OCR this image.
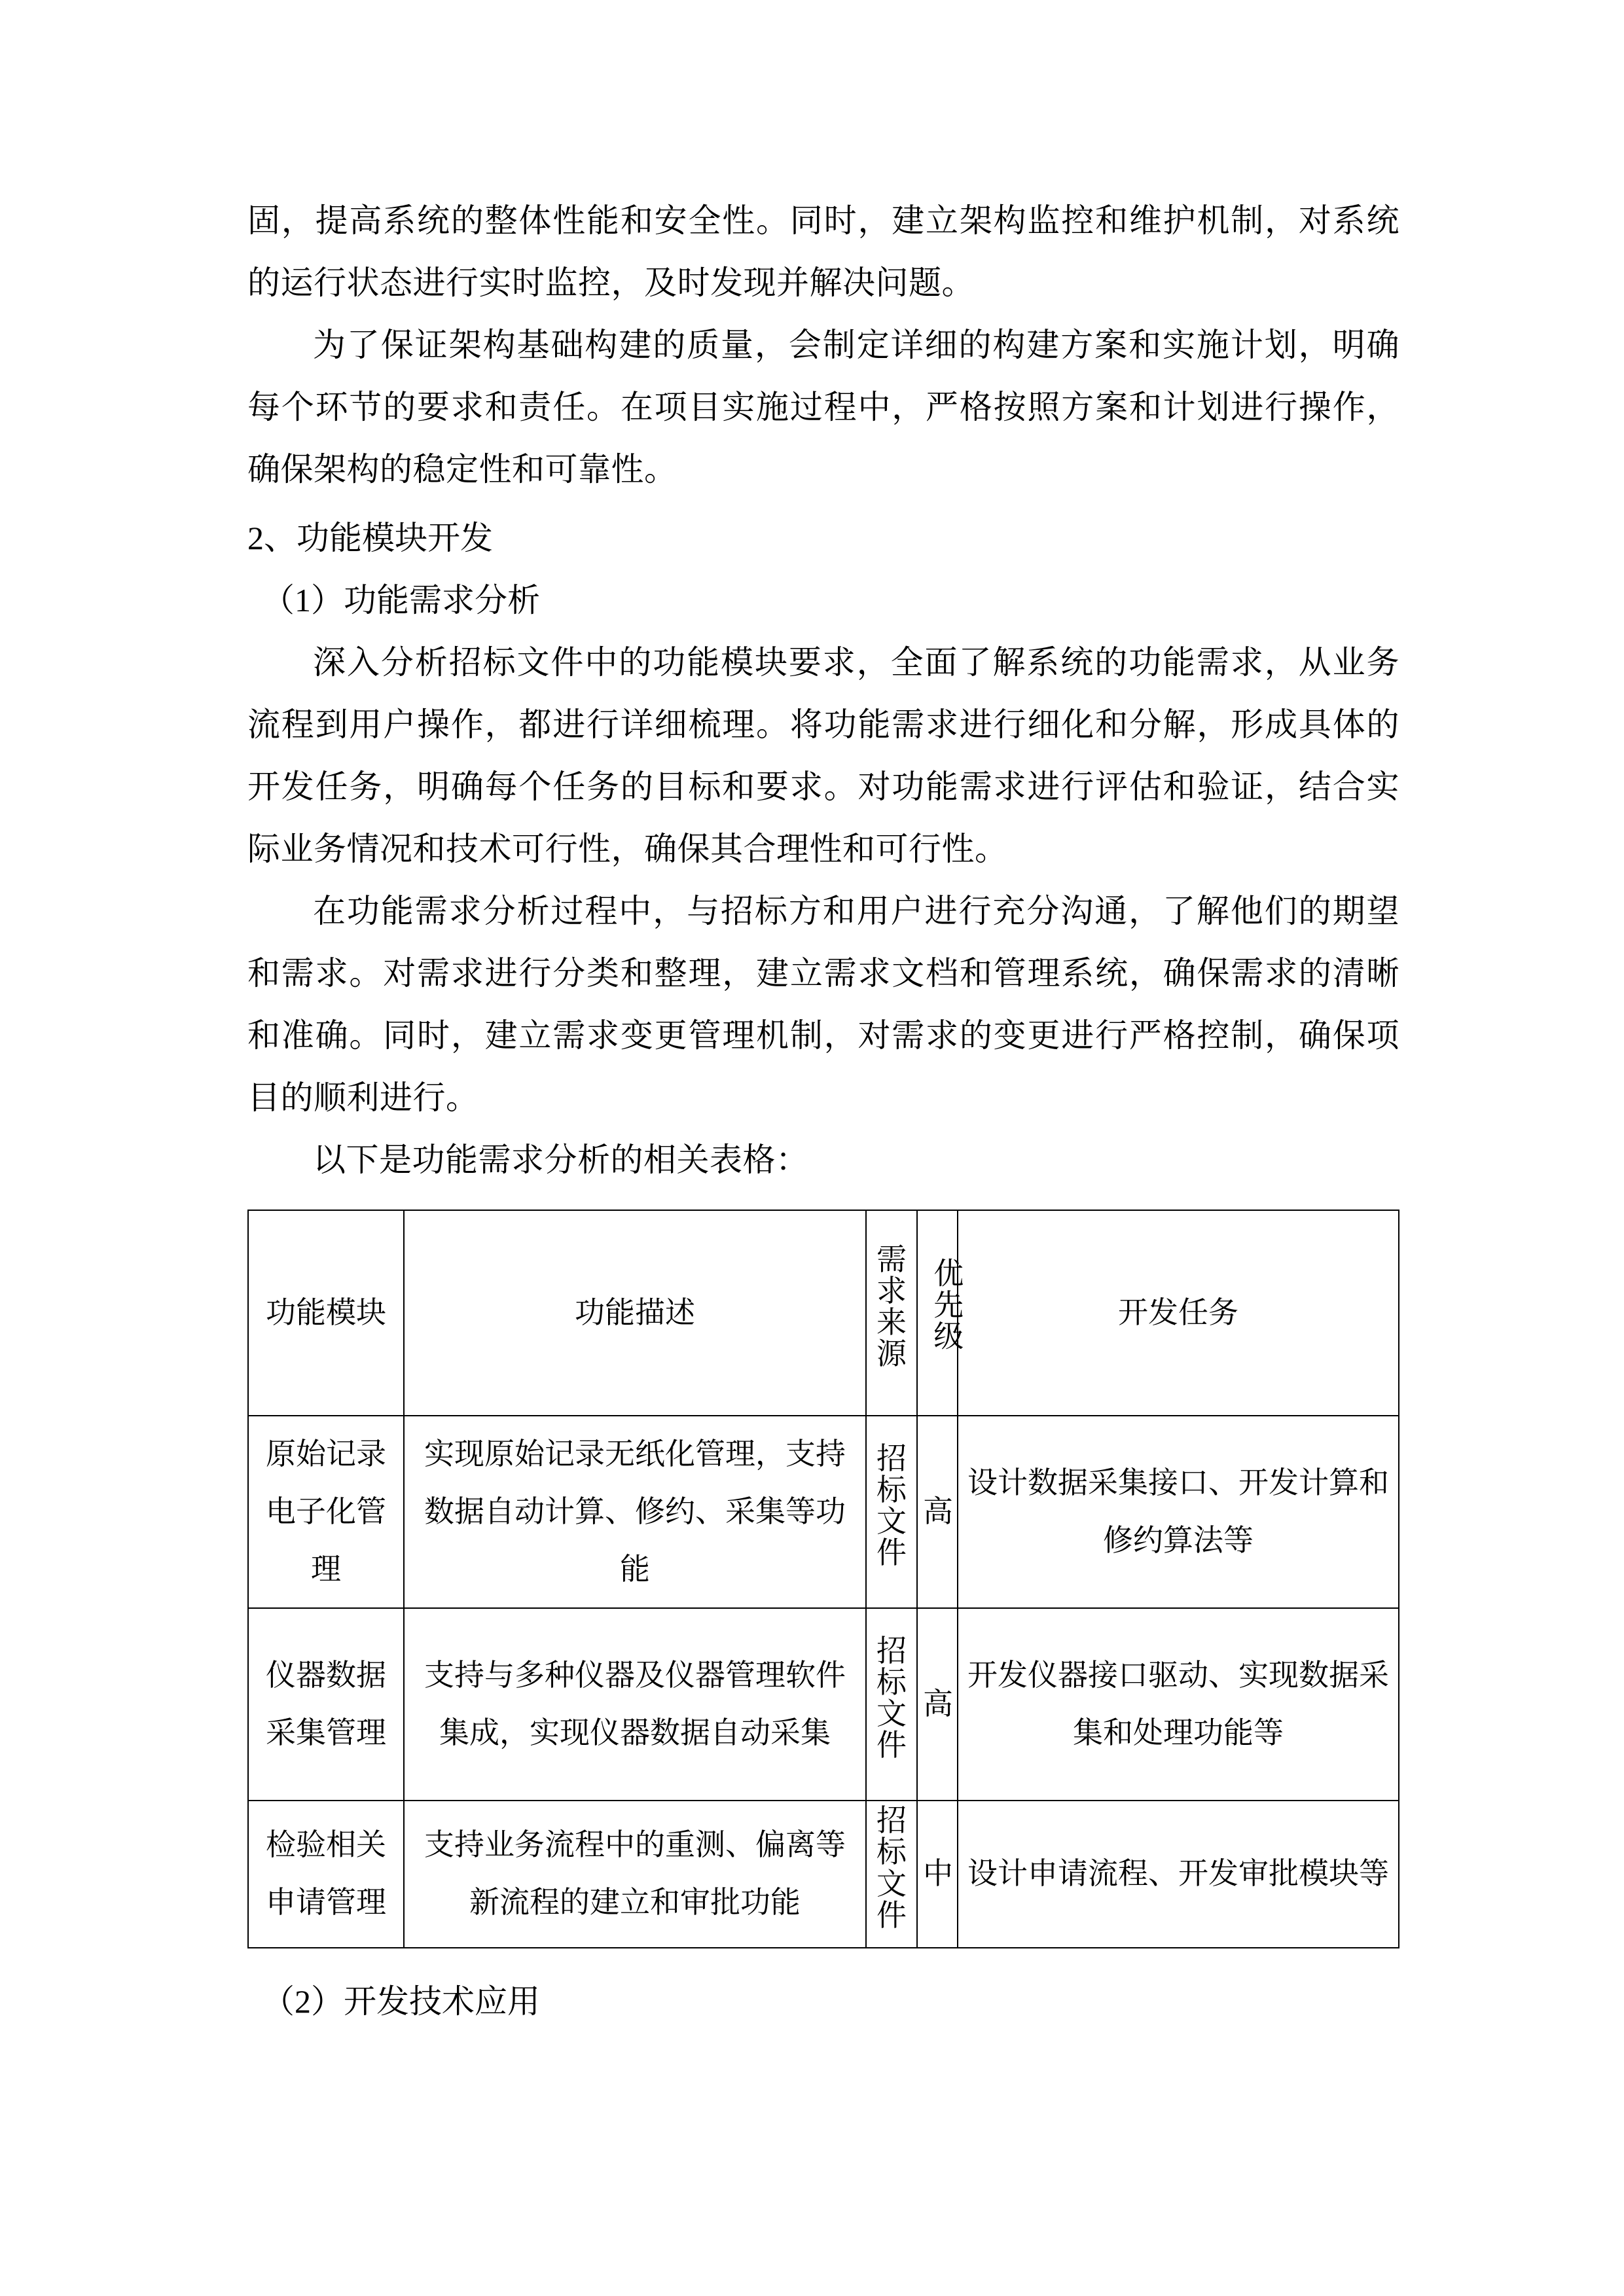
固，提高系统的整体性能和安全性。同时，建立架构监控和维护机制，对系统的运行状态进行实时监控，及时发现并解决问题。

为了保证架构基础构建的质量，会制定详细的构建方案和实施计划，明确每个环节的要求和责任。在项目实施过程中，严格按照方案和计划进行操作，确保架构的稳定性和可靠性。

2、功能模块开发

（1）功能需求分析

深入分析招标文件中的功能模块要求，全面了解系统的功能需求，从业务流程到用户操作，都进行详细梳理。将功能需求进行细化和分解，形成具体的开发任务，明确每个任务的目标和要求。对功能需求进行评估和验证，结合实际业务情况和技术可行性，确保其合理性和可行性。

在功能需求分析过程中，与招标方和用户进行充分沟通，了解他们的期望和需求。对需求进行分类和整理，建立需求文档和管理系统，确保需求的清晰和准确。同时，建立需求变更管理机制，对需求的变更进行严格控制，确保项目的顺利进行。

以下是功能需求分析的相关表格：

功能模块	功能描述	需求来源	优先级	开发任务
原始记录电子化管理	实现原始记录无纸化管理，支持数据自动计算、修约、采集等功能	招标文件	高	设计数据采集接口、开发计算和修约算法等
仪器数据采集管理	支持与多种仪器及仪器管理软件集成，实现仪器数据自动采集	招标文件	高	开发仪器接口驱动、实现数据采集和处理功能等
检验相关申请管理	支持业务流程中的重测、偏离等新流程的建立和审批功能	招标文件	中	设计申请流程、开发审批模块等

（2）开发技术应用
